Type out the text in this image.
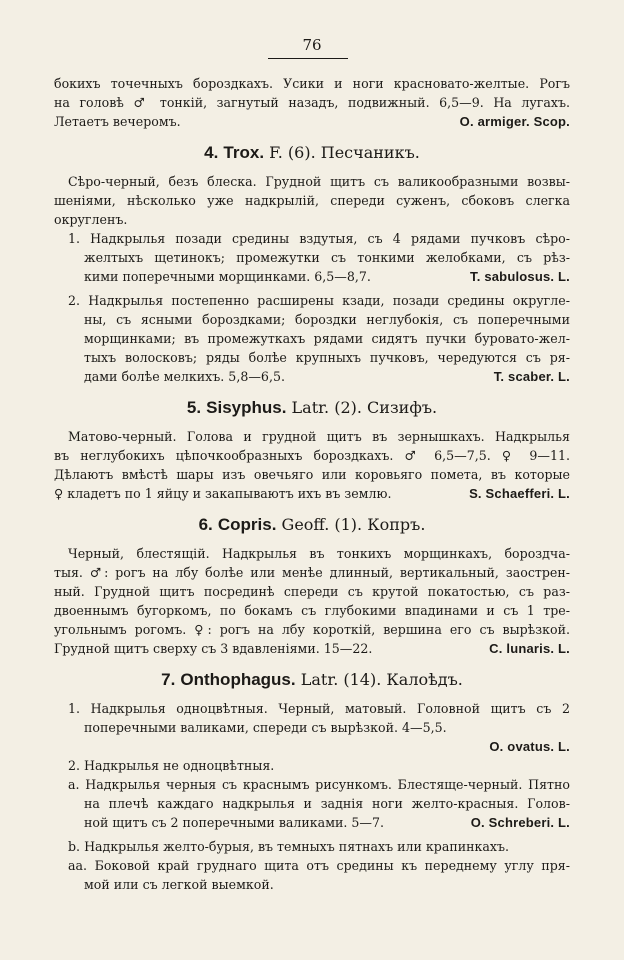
76
бокихъ точечныхъ бороздкахъ. Усики и ноги красновато-желтые. Рогъ
на головѣ ♂ тонкiй, загнутый назадъ, подвижный. 6,5—9. На лугахъ.
Летаетъ вечеромъ.	O. armiger. Scop.
4. Trox. F. (6). Песчаникъ.
Сѣро-черный, безъ блеска. Грудной щитъ съ валикообразными возвы-
шенiями, нѣсколько уже надкрылiй, спереди суженъ, сбоковъ слегка
округленъ.
1. Надкрылья позади средины вздутыя, съ 4 рядами пучковъ сѣро-
желтыхъ щетинокъ; промежутки съ тонкими желобками, съ рѣз-
кими поперечными морщинками. 6,5—8,7.	T. sabulosus. L.
2. Надкрылья постепенно расширены кзади, позади средины округле-
ны, съ ясными бороздками; бороздки неглубокiя, съ поперечными
морщинками; въ промежуткахъ рядами сидятъ пучки буровато-жел-
тыхъ волосковъ; ряды болѣе крупныхъ пучковъ, чередуются съ ря-
дами болѣе мелкихъ. 5,8—6,5.	T. scaber. L.
5. Sisyphus. Latr. (2). Сизифъ.
Матово-черный. Голова и грудной щитъ въ зернышкахъ. Надкрылья
въ неглубокихъ цѣпочкообразныхъ бороздкахъ. ♂ 6,5—7,5. ♀ 9—11.
Дѣлаютъ вмѣстѣ шары изъ овечьяго или коровьяго помета, въ которые
♀ кладетъ по 1 яйцу и закапываютъ ихъ въ землю.	S. Schaefferi. L.
6. Copris. Geoff. (1). Копръ.
Черный, блестящiй. Надкрылья въ тонкихъ морщинкахъ, бороздча-
тыя. ♂: рогъ на лбу болѣе или менѣе длинный, вертикальный, заострен-
ный. Грудной щитъ посрединѣ спереди съ крутой покатостью, съ раз-
двоеннымъ бугоркомъ, по бокамъ съ глубокими впадинами и съ 1 тре-
угольнымъ рогомъ. ♀: рогъ на лбу короткiй, вершина его съ вырѣзкой.
Грудной щитъ сверху съ 3 вдавленiями. 15—22.	C. lunaris. L.
7. Onthophagus. Latr. (14). Калоѣдъ.
1. Надкрылья одноцвѣтныя. Черный, матовый. Головной щитъ съ 2
поперечными валиками, спереди съ вырѣзкой. 4—5,5.
O. ovatus. L.
2. Надкрылья не одноцвѣтныя.
а. Надкрылья черныя съ краснымъ рисункомъ. Блестяще-черный. Пятно
на плечѣ каждаго надкрылья и заднiя ноги желто-красныя. Голов-
ной щитъ съ 2 поперечными валиками. 5—7.	O. Schreberi. L.
b. Надкрылья желто-бурыя, въ темныхъ пятнахъ или крапинкахъ.
аа. Боковой край груднаго щита отъ средины къ переднему углу пря-
мой или съ легкой выемкой.
